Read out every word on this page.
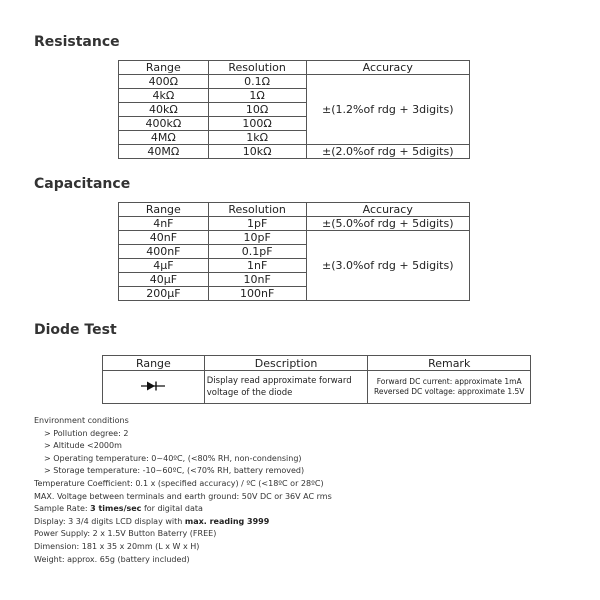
Resistance
Range	Resolution	Accuracy
400Ω	0.1Ω	±(1.2%of rdg + 3digits)
4kΩ	1Ω	
40kΩ	10Ω	
400kΩ	100Ω	
4MΩ	1kΩ	
40MΩ	10kΩ	±(2.0%of rdg + 5digits)
Capacitance
Range	Resolution	Accuracy
4nF	1pF	±(5.0%of rdg + 5digits)
40nF	10pF	±(3.0%of rdg + 5digits)
400nF	0.1pF	
4μF	1nF	
40μF	10nF	
200μF	100nF	
Diode Test
Range	Description	Remark
	Display read approximate forward voltage of the diode	Forward DC current: approximate 1mA
Reversed DC voltage: approximate 1.5V
Environment conditions
> Pollution degree: 2
> Altitude <2000m
> Operating temperature: 0~40ºC, (<80% RH, non-condensing)
> Storage temperature: -10~60ºC, (<70% RH, battery removed)
Temperature Coefficient: 0.1 x (specified accuracy) / ºC (<18ºC or 28ºC)
MAX. Voltage between terminals and earth ground: 50V DC or 36V AC rms
Sample Rate: 3 times/sec for digital data
Display: 3 3/4 digits LCD display with max. reading 3999
Power Supply: 2 x 1.5V Button Baterry (FREE)
Dimension: 181 x 35 x 20mm (L x W x H)
Weight: approx. 65g (battery included)
